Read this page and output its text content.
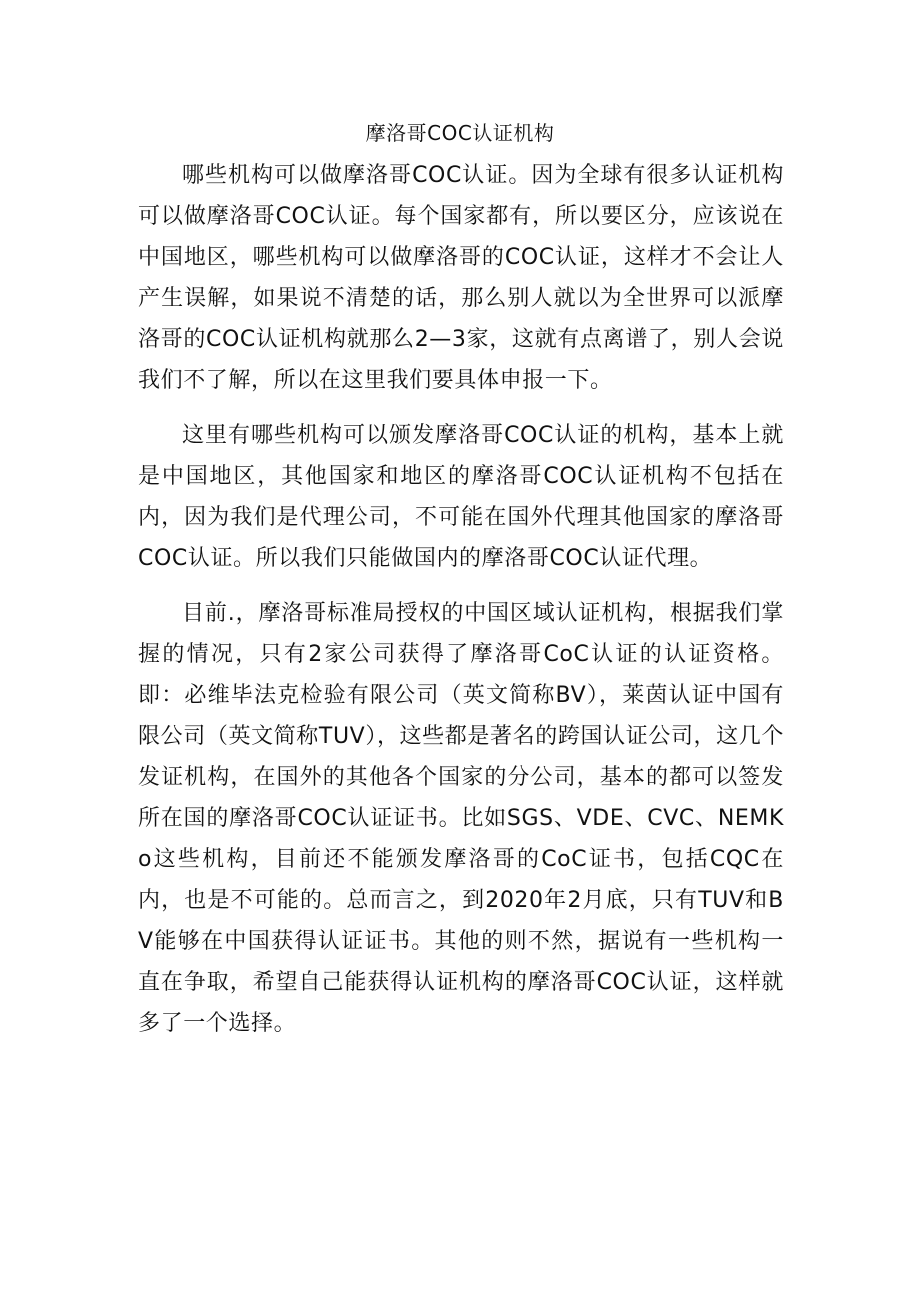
摩洛哥COC认证机构

哪些机构可以做摩洛哥COC认证。因为全球有很多认证机构可以做摩洛哥COC认证。每个国家都有，所以要区分，应该说在中国地区，哪些机构可以做摩洛哥的COC认证，这样才不会让人产生误解，如果说不清楚的话，那么别人就以为全世界可以派摩洛哥的COC认证机构就那么2—3家，这就有点离谱了，别人会说我们不了解，所以在这里我们要具体申报一下。

这里有哪些机构可以颁发摩洛哥COC认证的机构，基本上就是中国地区，其他国家和地区的摩洛哥COC认证机构不包括在内，因为我们是代理公司，不可能在国外代理其他国家的摩洛哥COC认证。所以我们只能做国内的摩洛哥COC认证代理。

目前.，摩洛哥标准局授权的中国区域认证机构，根据我们掌握的情况，只有2家公司获得了摩洛哥CoC认证的认证资格。即：必维毕法克检验有限公司（英文简称BV），莱茵认证中国有限公司（英文简称TUV），这些都是著名的跨国认证公司，这几个发证机构，在国外的其他各个国家的分公司，基本的都可以签发所在国的摩洛哥COC认证证书。比如SGS、VDE、CVC、NEMKo这些机构，目前还不能颁发摩洛哥的CoC证书，包括CQC在内，也是不可能的。总而言之，到2020年2月底，只有TUV和BV能够在中国获得认证证书。其他的则不然，据说有一些机构一直在争取，希望自己能获得认证机构的摩洛哥COC认证，这样就多了一个选择。
